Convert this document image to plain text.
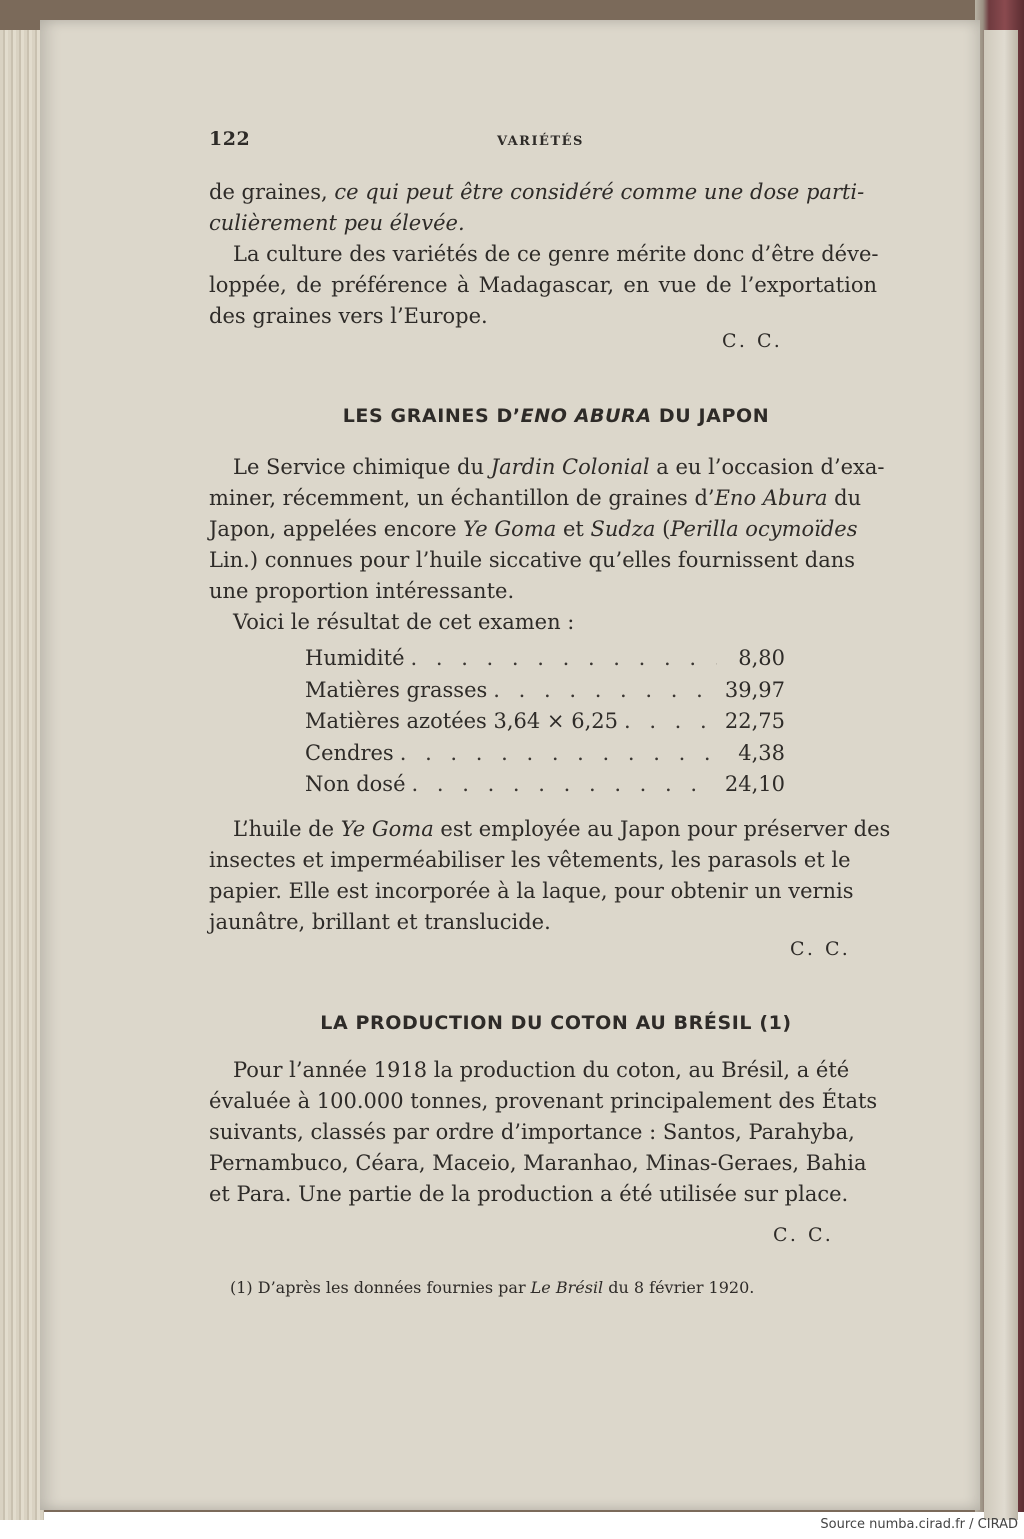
122	VARIÉTÉS
de graines, ce qui peut être considéré comme une dose parti-
culièrement peu élevée.
La culture des variétés de ce genre mérite donc d’être déve-
loppée, de préférence à Madagascar, en vue de l’exportation
des graines vers l’Europe.
C. C.
LES GRAINES D’ENO ABURA DU JAPON
Le Service chimique du Jardin Colonial a eu l’occasion d’exa-
miner, récemment, un échantillon de graines d’Eno Abura du
Japon, appelées encore Ye Goma et Sudza (Perilla ocymoïdes
Lin.) connues pour l’huile siccative qu’elles fournissent dans
une proportion intéressante.
Voici le résultat de cet examen :
Humidité . . .	8,80
Matières grasses . . .	39,97
Matières azotées 3,64 × 6,25 . . .	22,75
Cendres . . .	4,38
Non dosé . . .	24,10
L’huile de Ye Goma est employée au Japon pour préserver des
insectes et imperméabiliser les vêtements, les parasols et le
papier. Elle est incorporée à la laque, pour obtenir un vernis
jaunâtre, brillant et translucide.
C. C.
LA PRODUCTION DU COTON AU BRÉSIL (1)
Pour l’année 1918 la production du coton, au Brésil, a été
évaluée à 100.000 tonnes, provenant principalement des États
suivants, classés par ordre d’importance : Santos, Parahyba,
Pernambuco, Céara, Maceio, Maranhao, Minas-Geraes, Bahia
et Para. Une partie de la production a été utilisée sur place.
C. C.
(1) D’après les données fournies par Le Brésil du 8 février 1920.
Source numba.cirad.fr / CIRAD
